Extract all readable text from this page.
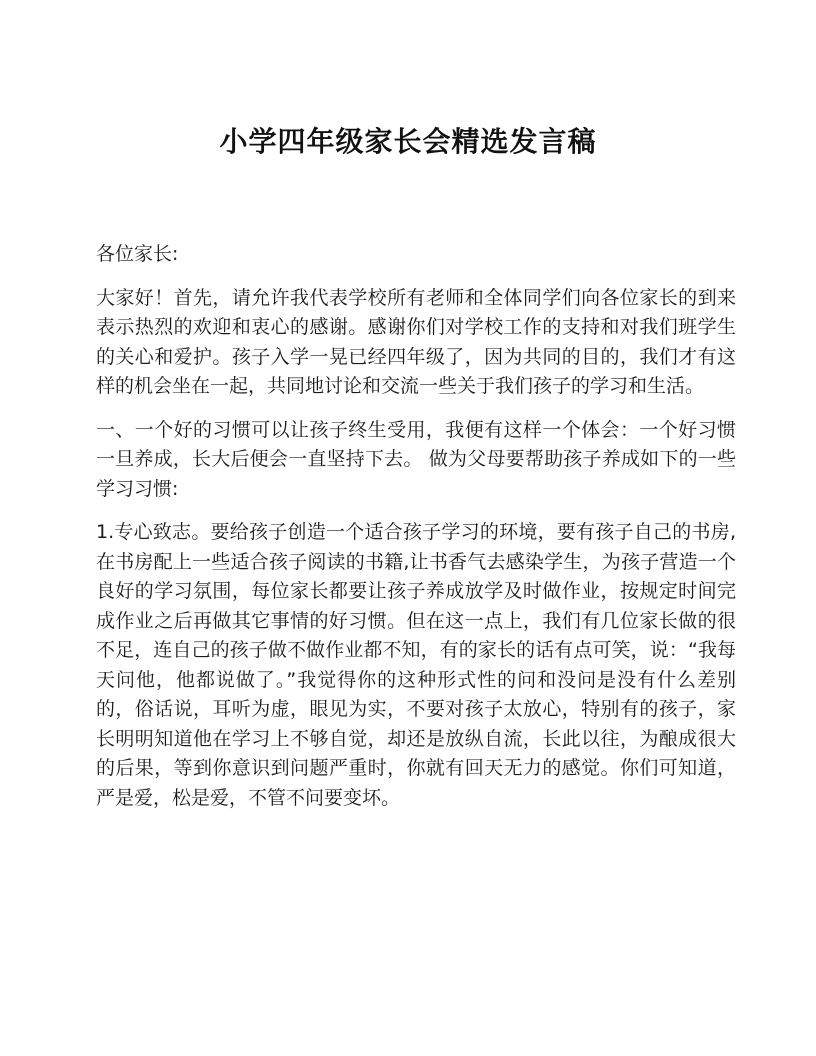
小学四年级家长会精选发言稿

各位家长:

大家好！首先，请允许我代表学校所有老师和全体同学们向各位家长的到来表示热烈的欢迎和衷心的感谢。感谢你们对学校工作的支持和对我们班学生的关心和爱护。孩子入学一晃已经四年级了，因为共同的目的，我们才有这样的机会坐在一起，共同地讨论和交流一些关于我们孩子的学习和生活。

一、一个好的习惯可以让孩子终生受用，我便有这样一个体会：一个好习惯一旦养成，长大后便会一直坚持下去。 做为父母要帮助孩子养成如下的一些学习习惯:

1.专心致志。要给孩子创造一个适合孩子学习的环境，要有孩子自己的书房,在书房配上一些适合孩子阅读的书籍,让书香气去感染学生，为孩子营造一个良好的学习氛围，每位家长都要让孩子养成放学及时做作业，按规定时间完成作业之后再做其它事情的好习惯。但在这一点上，我们有几位家长做的很不足，连自己的孩子做不做作业都不知，有的家长的话有点可笑，说：“我每天问他，他都说做了。”我觉得你的这种形式性的问和没问是没有什么差别的，俗话说，耳听为虚，眼见为实，不要对孩子太放心，特别有的孩子，家长明明知道他在学习上不够自觉，却还是放纵自流，长此以往，为酿成很大的后果，等到你意识到问题严重时，你就有回天无力的感觉。你们可知道，严是爱，松是爱，不管不问要变坏。
